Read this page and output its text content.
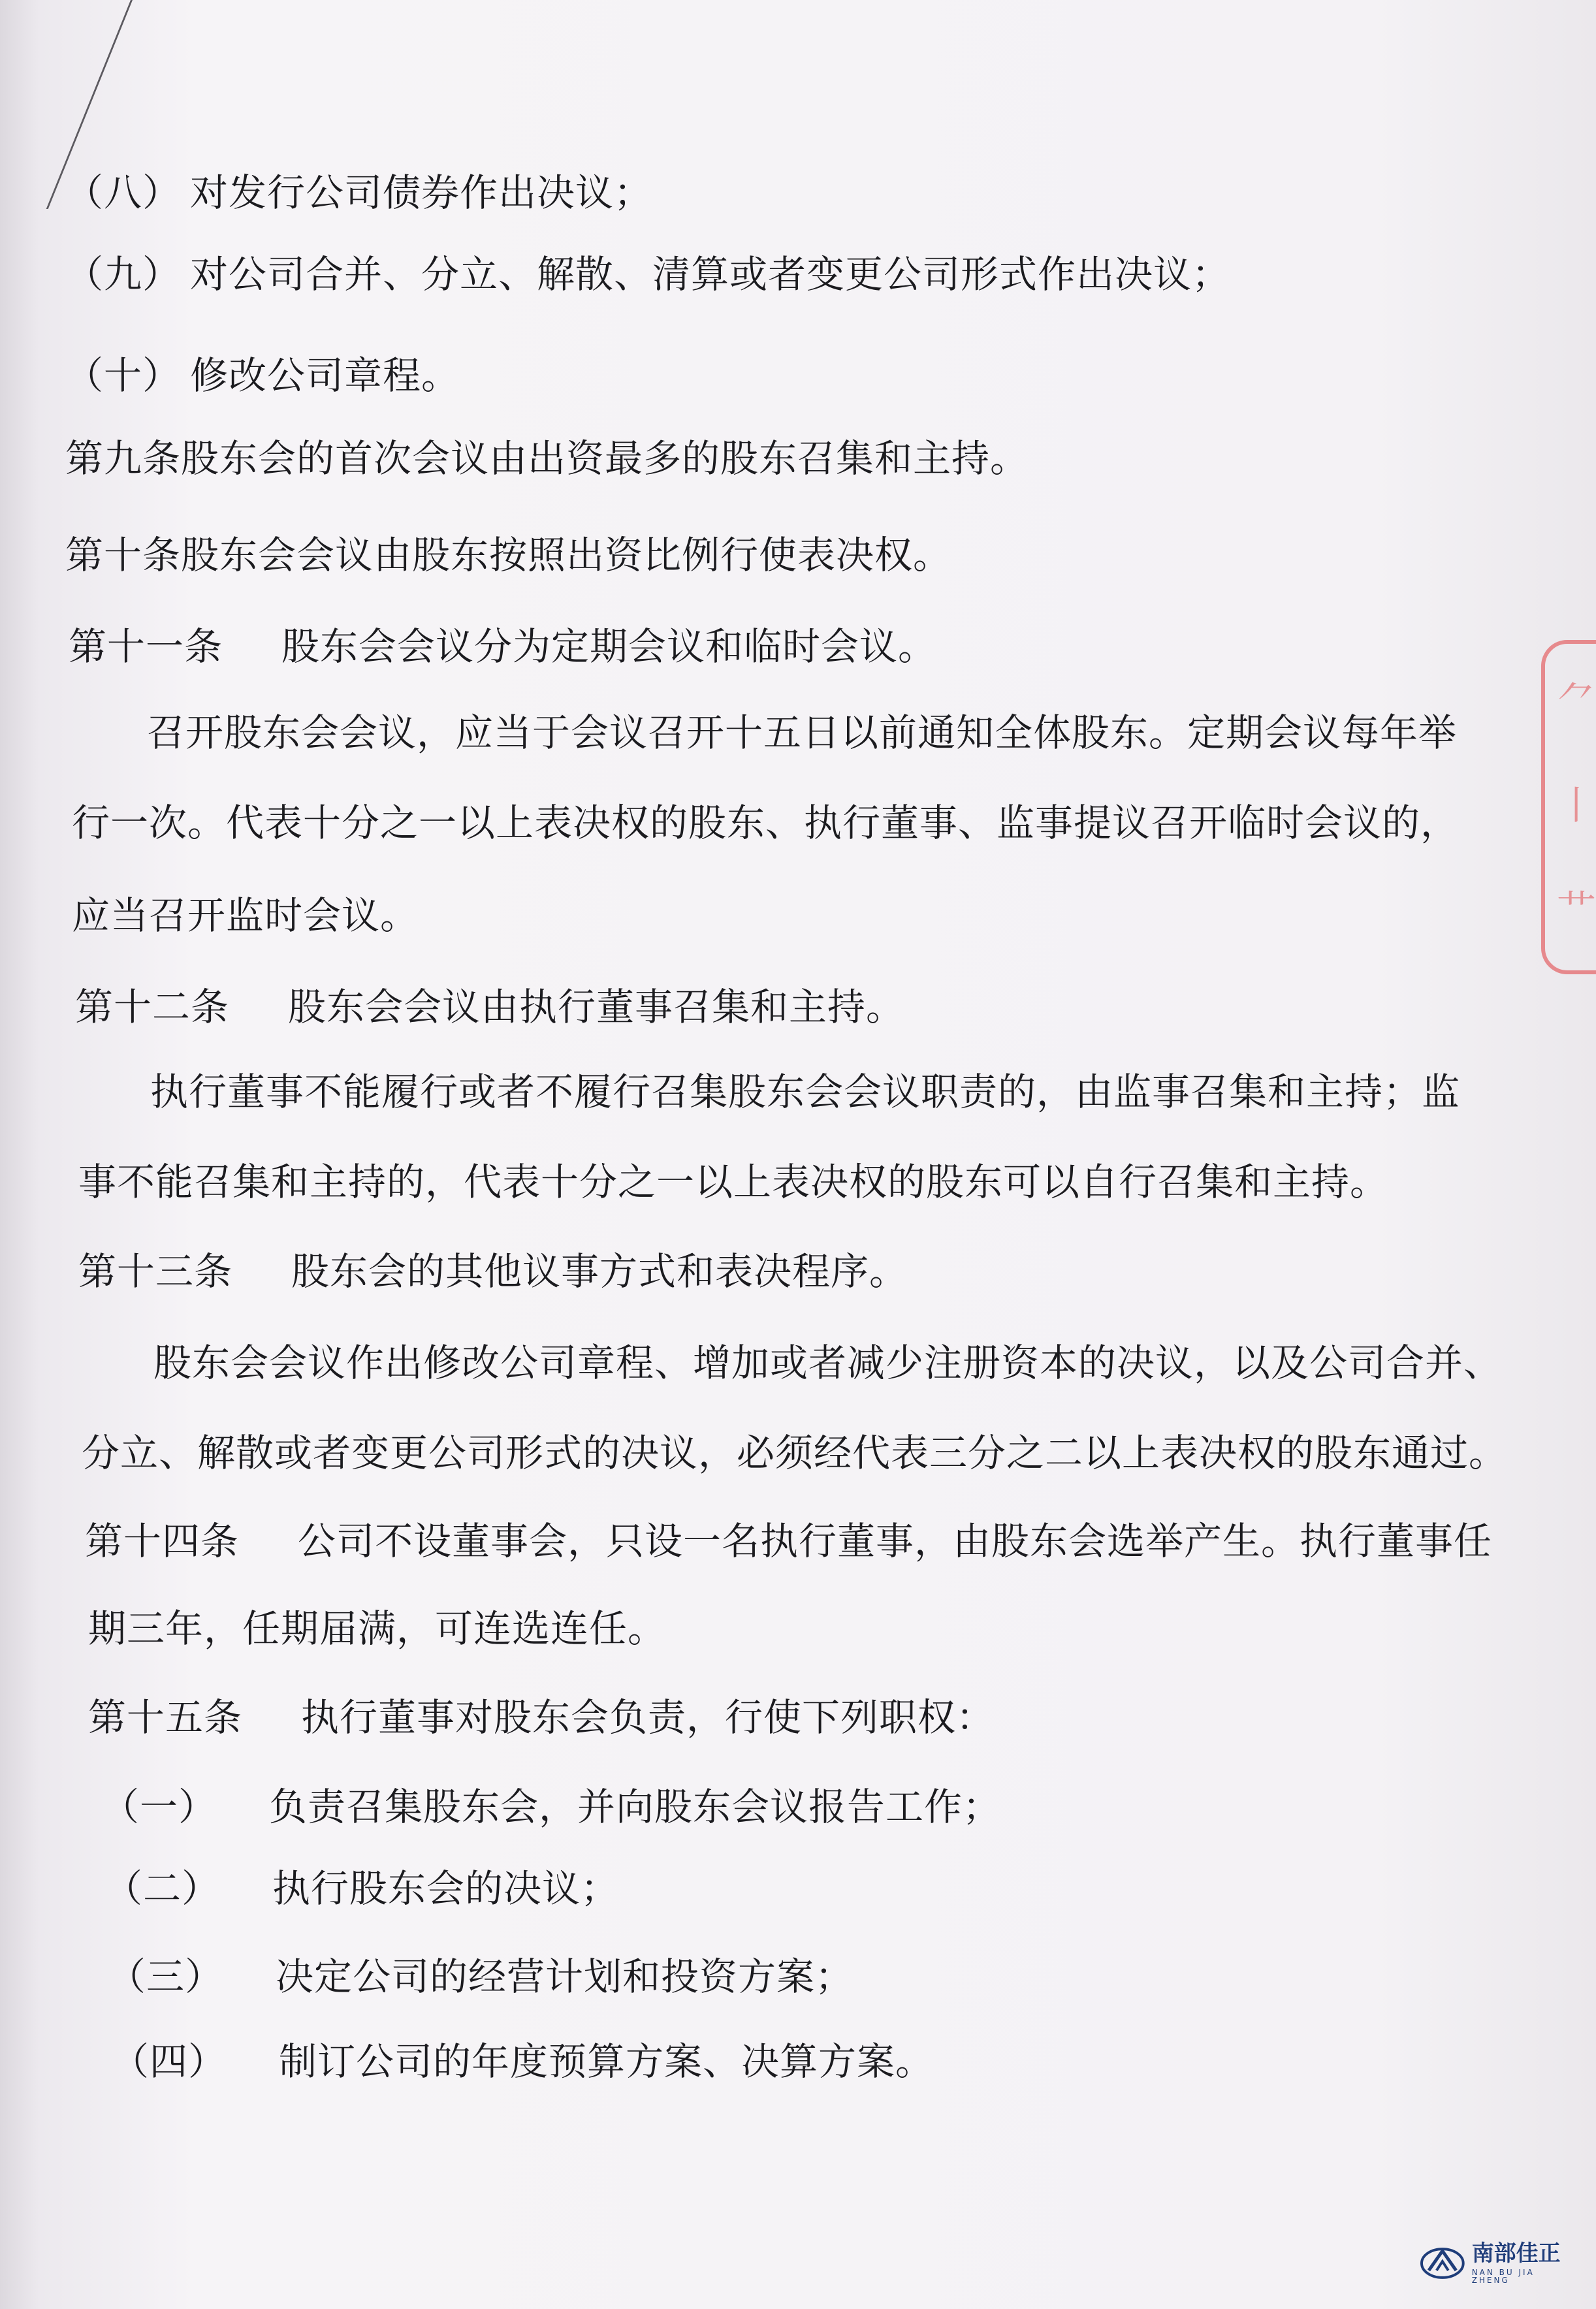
（八） 对发行公司债券作出决议；
（九） 对公司合并、分立、解散、清算或者变更公司形式作出决议；
（十） 修改公司章程。
第九条股东会的首次会议由出资最多的股东召集和主持。
第十条股东会会议由股东按照出资比例行使表决权。
第十一条 股东会会议分为定期会议和临时会议。
召开股东会会议，应当于会议召开十五日以前通知全体股东。定期会议每年举
行一次。代表十分之一以上表决权的股东、执行董事、监事提议召开临时会议的，
应当召开监时会议。
第十二条 股东会会议由执行董事召集和主持。
执行董事不能履行或者不履行召集股东会会议职责的，由监事召集和主持；监
事不能召集和主持的，代表十分之一以上表决权的股东可以自行召集和主持。
第十三条 股东会的其他议事方式和表决程序。
股东会会议作出修改公司章程、增加或者减少注册资本的决议，以及公司合并、
分立、解散或者变更公司形式的决议，必须经代表三分之二以上表决权的股东通过。
第十四条 公司不设董事会，只设一名执行董事，由股东会选举产生。执行董事任
期三年，任期届满，可连选连任。
第十五条 执行董事对股东会负责，行使下列职权：
（一） 负责召集股东会，并向股东会议报告工作；
（二） 执行股东会的决议；
（三） 决定公司的经营计划和投资方案；
（四） 制订公司的年度预算方案、决算方案。
⺈
⼁
⺾
南部佳正
NAN BU JIA ZHENG
